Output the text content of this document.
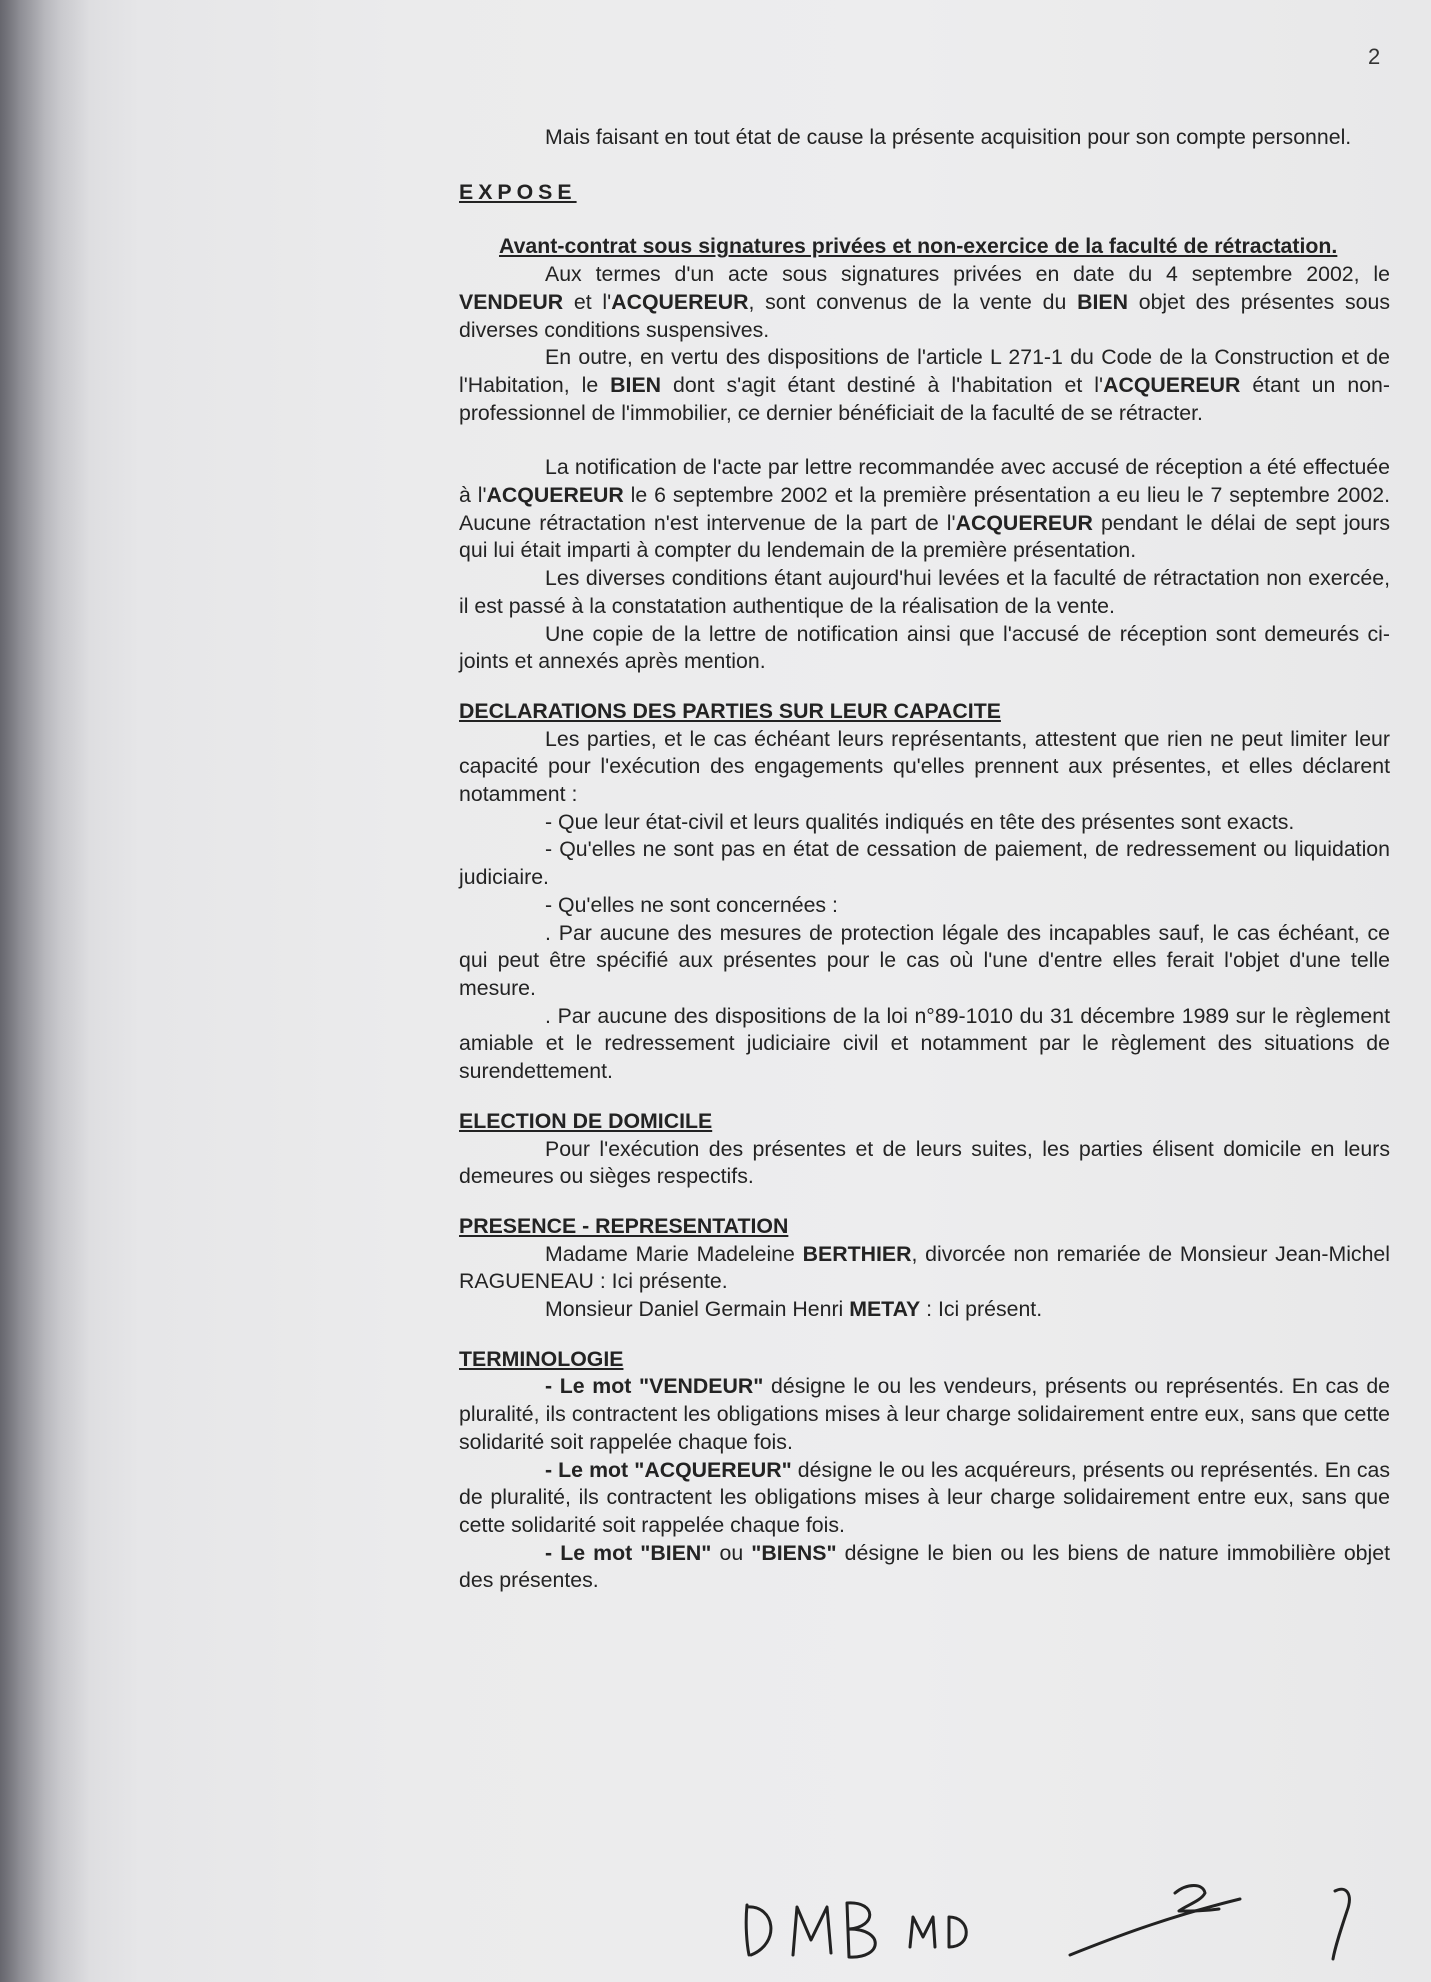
2

Mais faisant en tout état de cause la présente acquisition pour son compte personnel.

EXPOSE

Avant-contrat sous signatures privées et non-exercice de la faculté de rétractation.

Aux termes d'un acte sous signatures privées en date du 4 septembre 2002, le VENDEUR et l'ACQUEREUR, sont convenus de la vente du BIEN objet des présentes sous diverses conditions suspensives.

En outre, en vertu des dispositions de l'article L 271-1 du Code de la Construction et de l'Habitation, le BIEN dont s'agit étant destiné à l'habitation et l'ACQUEREUR étant un non-professionnel de l'immobilier, ce dernier bénéficiait de la faculté de se rétracter.

La notification de l'acte par lettre recommandée avec accusé de réception a été effectuée à l'ACQUEREUR le 6 septembre 2002 et la première présentation a eu lieu le 7 septembre 2002. Aucune rétractation n'est intervenue de la part de l'ACQUEREUR pendant le délai de sept jours qui lui était imparti à compter du lendemain de la première présentation.

Les diverses conditions étant aujourd'hui levées et la faculté de rétractation non exercée, il est passé à la constatation authentique de la réalisation de la vente.

Une copie de la lettre de notification ainsi que l'accusé de réception sont demeurés ci-joints et annexés après mention.

DECLARATIONS DES PARTIES SUR LEUR CAPACITE

Les parties, et le cas échéant leurs représentants, attestent que rien ne peut limiter leur capacité pour l'exécution des engagements qu'elles prennent aux présentes, et elles déclarent notamment :

- Que leur état-civil et leurs qualités indiqués en tête des présentes sont exacts.

- Qu'elles ne sont pas en état de cessation de paiement, de redressement ou liquidation judiciaire.

- Qu'elles ne sont concernées :

. Par aucune des mesures de protection légale des incapables sauf, le cas échéant, ce qui peut être spécifié aux présentes pour le cas où l'une d'entre elles ferait l'objet d'une telle mesure.

. Par aucune des dispositions de la loi n°89-1010 du 31 décembre 1989 sur le règlement amiable et le redressement judiciaire civil et notamment par le règlement des situations de surendettement.

ELECTION DE DOMICILE

Pour l'exécution des présentes et de leurs suites, les parties élisent domicile en leurs demeures ou sièges respectifs.

PRESENCE - REPRESENTATION

Madame Marie Madeleine BERTHIER, divorcée non remariée de Monsieur Jean-Michel RAGUENEAU : Ici présente.

Monsieur Daniel Germain Henri METAY : Ici présent.

TERMINOLOGIE

- Le mot "VENDEUR" désigne le ou les vendeurs, présents ou représentés. En cas de pluralité, ils contractent les obligations mises à leur charge solidairement entre eux, sans que cette solidarité soit rappelée chaque fois.

- Le mot "ACQUEREUR" désigne le ou les acquéreurs, présents ou représentés. En cas de pluralité, ils contractent les obligations mises à leur charge solidairement entre eux, sans que cette solidarité soit rappelée chaque fois.

- Le mot "BIEN" ou "BIENS" désigne le bien ou les biens de nature immobilière objet des présentes.
